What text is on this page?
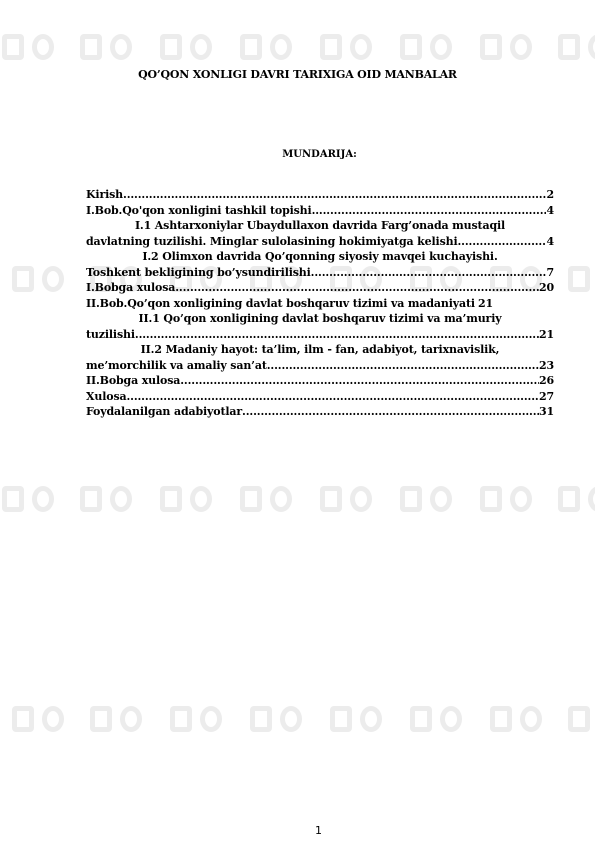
QO’QON XONLIGI DAVRI TARIXIGA OID MANBALAR
MUNDARIJA:
Kirish .....	2
I.Bob.Qo'qon xonligini tashkil topishi .....	4
I.1 Ashtarxoniylar Ubaydullaxon davrida Farg’onada mustaqil
davlatning tuzilishi. Minglar sulolasining hokimiyatga kelishi .....	4
I.2 Olimxon davrida Qo’qonning siyosiy mavqei kuchayishi.
Toshkent bekligining bo’ysundirilishi. .....	7
I.Bobga xulosa .....	20
II.Bob.Qo’qon xonligining davlat boshqaruv tizimi va madaniyati 21
II.1 Qo’qon xonligining davlat boshqaruv tizimi va ma’muriy
tuzilishi .....	21
II.2 Madaniy hayot: ta’lim, ilm - fan, adabiyot, tarixnavislik,
me’morchilik va amaliy san’at .....	23
II.Bobga xulosa .....	26
Xulosa .....	27
Foydalanilgan adabiyotlar .....	31
1
